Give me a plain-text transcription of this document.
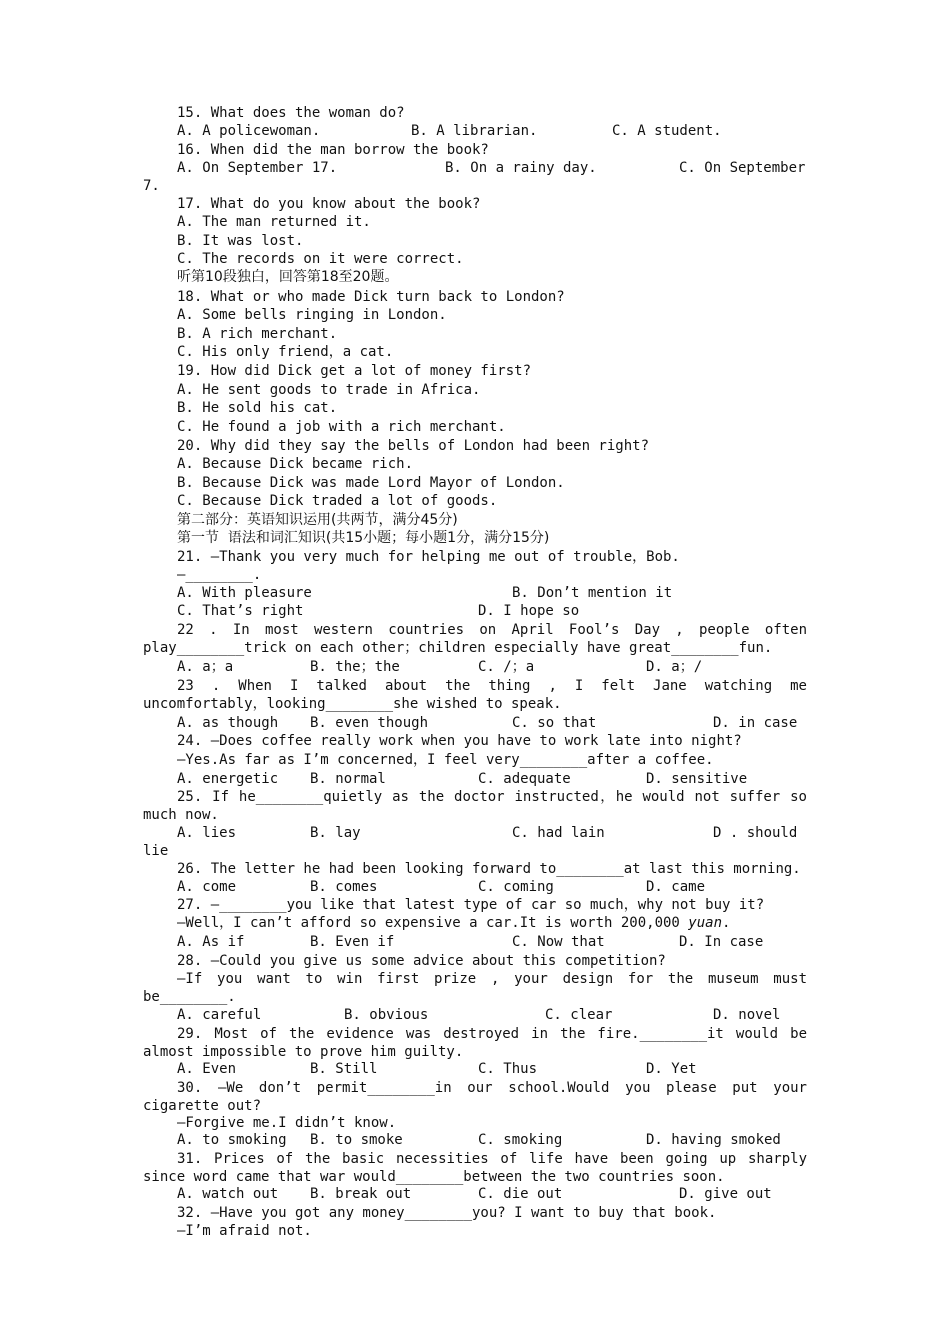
15. What does the woman do?
A. A policewoman.	B. A librarian.	C. A student.
16. When did the man borrow the book?
A. On September 17.	B. On a rainy day.	C. On September
7.
17. What do you know about the book?
A. The man returned it.
B. It was lost.
C. The records on it were correct.
听第10段独白，回答第18至20题。
18. What or who made Dick turn back to London?
A. Some bells ringing in London.
B. A rich merchant.
C. His only friend，a cat.
19. How did Dick get a lot of money first?
A. He sent goods to trade in Africa.
B. He sold his cat.
C. He found a job with a rich merchant.
20. Why did they say the bells of London had been right?
A. Because Dick became rich.
B. Because Dick was made Lord Mayor of London.
C. Because Dick traded a lot of goods.
第二部分：英语知识运用(共两节，满分45分)
第一节  语法和词汇知识(共15小题；每小题1分，满分15分)
21. —Thank you very much for helping me out of trouble，Bob.
—________.
A. With pleasure	B. Don’t mention it
C. That’s right	D. I hope so
22 . In most western countries on April Fool’s Day , people often
play________trick on each other；children especially have great________fun.
A. a；a	B. the；the	C. /；a	D. a；/
23 . When I talked about the thing , I felt Jane watching me
uncomfortably，looking________she wished to speak.
A. as though B. even though	C. so that	D. in case
24. —Does coffee really work when you have to work late into night?
—Yes.As far as I’m concerned，I feel very________after a coffee.
A. energetic B. normal	C. adequate	D. sensitive
25. If he________quietly as the doctor instructed，he would not suffer so
much now.
A. lies	B. lay	C. had lain	D . should
lie
26. The letter he had been looking forward to________at last this morning.
A. come	B. comes	C. coming	D. came
27. —________you like that latest type of car so much，why not buy it?
—Well，I can’t afford so expensive a car.It is worth 200,000 yuan.
A. As if	B. Even if	C. Now that	D. In case
28. —Could you give us some advice about this competition?
—If you want to win first prize , your design for the museum must
be________.
A. careful	B. obvious	C. clear	D. novel
29. Most of the evidence was destroyed in the fire.________it would be
almost impossible to prove him guilty.
A. Even	B. Still	C. Thus	D. Yet
30. —We don’t permit________in our school.Would you please put your
cigarette out?
—Forgive me.I didn’t know.
A. to smoking B. to smoke	C. smoking	D. having smoked
31. Prices of the basic necessities of life have been going up sharply
since word came that war would________between the two countries soon.
A. watch out B. break out	C. die out	D. give out
32. —Have you got any money________you? I want to buy that book.
—I’m afraid not.
